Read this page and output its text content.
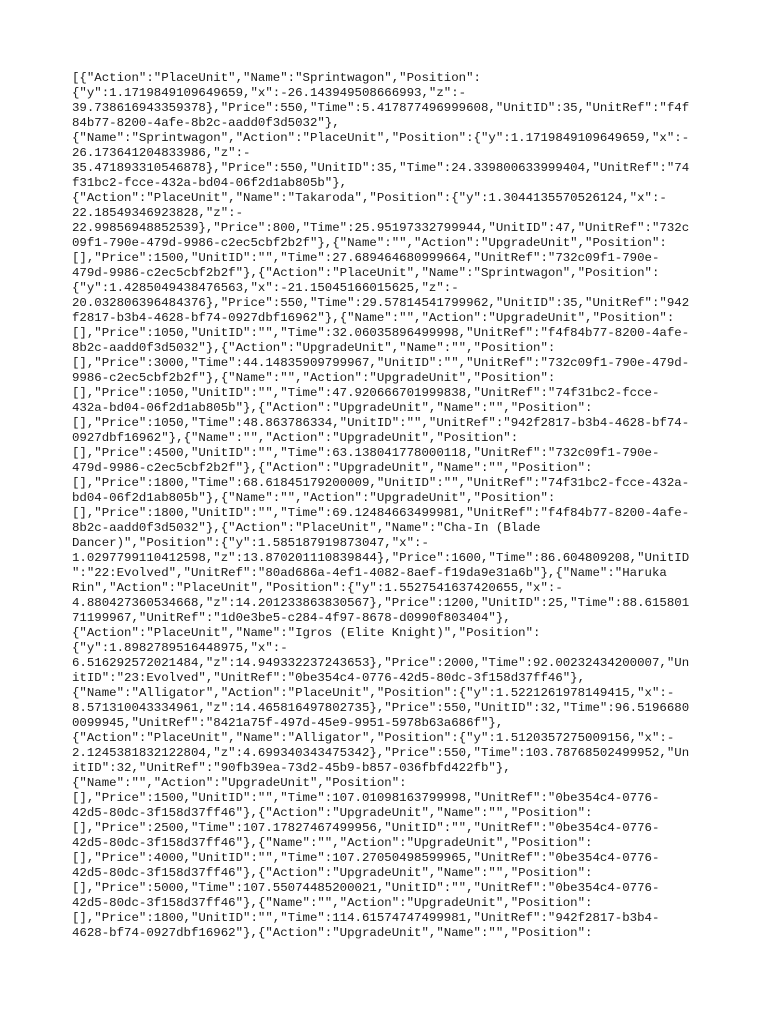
[{"Action":"PlaceUnit","Name":"Sprintwagon","Position":
{"y":1.1719849109649659,"x":-26.143949508666993,"z":-
39.738616943359378},"Price":550,"Time":5.417877496999608,"UnitID":35,"UnitRef":"f4f
84b77-8200-4afe-8b2c-aadd0f3d5032"},
{"Name":"Sprintwagon","Action":"PlaceUnit","Position":{"y":1.1719849109649659,"x":-
26.173641204833986,"z":-
35.471893310546878},"Price":550,"UnitID":35,"Time":24.339800633999404,"UnitRef":"74
f31bc2-fcce-432a-bd04-06f2d1ab805b"},
{"Action":"PlaceUnit","Name":"Takaroda","Position":{"y":1.3044135570526124,"x":-
22.18549346923828,"z":-
22.99856948852539},"Price":800,"Time":25.95197332799944,"UnitID":47,"UnitRef":"732c
09f1-790e-479d-9986-c2ec5cbf2b2f"},{"Name":"","Action":"UpgradeUnit","Position":
[],"Price":1500,"UnitID":"","Time":27.689464680999664,"UnitRef":"732c09f1-790e-
479d-9986-c2ec5cbf2b2f"},{"Action":"PlaceUnit","Name":"Sprintwagon","Position":
{"y":1.4285049438476563,"x":-21.15045166015625,"z":-
20.032806396484376},"Price":550,"Time":29.57814541799962,"UnitID":35,"UnitRef":"942
f2817-b3b4-4628-bf74-0927dbf16962"},{"Name":"","Action":"UpgradeUnit","Position":
[],"Price":1050,"UnitID":"","Time":32.06035896499998,"UnitRef":"f4f84b77-8200-4afe-
8b2c-aadd0f3d5032"},{"Action":"UpgradeUnit","Name":"","Position":
[],"Price":3000,"Time":44.14835909799967,"UnitID":"","UnitRef":"732c09f1-790e-479d-
9986-c2ec5cbf2b2f"},{"Name":"","Action":"UpgradeUnit","Position":
[],"Price":1050,"UnitID":"","Time":47.920666701999838,"UnitRef":"74f31bc2-fcce-
432a-bd04-06f2d1ab805b"},{"Action":"UpgradeUnit","Name":"","Position":
[],"Price":1050,"Time":48.863786334,"UnitID":"","UnitRef":"942f2817-b3b4-4628-bf74-
0927dbf16962"},{"Name":"","Action":"UpgradeUnit","Position":
[],"Price":4500,"UnitID":"","Time":63.138041778000118,"UnitRef":"732c09f1-790e-
479d-9986-c2ec5cbf2b2f"},{"Action":"UpgradeUnit","Name":"","Position":
[],"Price":1800,"Time":68.61845179200009,"UnitID":"","UnitRef":"74f31bc2-fcce-432a-
bd04-06f2d1ab805b"},{"Name":"","Action":"UpgradeUnit","Position":
[],"Price":1800,"UnitID":"","Time":69.12484663499981,"UnitRef":"f4f84b77-8200-4afe-
8b2c-aadd0f3d5032"},{"Action":"PlaceUnit","Name":"Cha-In (Blade
Dancer)","Position":{"y":1.585187919873047,"x":-
1.0297799110412598,"z":13.870201110839844},"Price":1600,"Time":86.604809208,"UnitID
":"22:Evolved","UnitRef":"80ad686a-4ef1-4082-8aef-f19da9e31a6b"},{"Name":"Haruka
Rin","Action":"PlaceUnit","Position":{"y":1.5527541637420655,"x":-
4.880427360534668,"z":14.201233863830567},"Price":1200,"UnitID":25,"Time":88.615801
71199967,"UnitRef":"1d0e3be5-c284-4f97-8678-d0990f803404"},
{"Action":"PlaceUnit","Name":"Igros (Elite Knight)","Position":
{"y":1.8982789516448975,"x":-
6.516292572021484,"z":14.949332237243653},"Price":2000,"Time":92.00232434200007,"Un
itID":"23:Evolved","UnitRef":"0be354c4-0776-42d5-80dc-3f158d37ff46"},
{"Name":"Alligator","Action":"PlaceUnit","Position":{"y":1.5221261978149415,"x":-
8.571310043334961,"z":14.465816497802735},"Price":550,"UnitID":32,"Time":96.5196680
0099945,"UnitRef":"8421a75f-497d-45e9-9951-5978b63a686f"},
{"Action":"PlaceUnit","Name":"Alligator","Position":{"y":1.5120357275009156,"x":-
2.1245381832122804,"z":4.699340343475342},"Price":550,"Time":103.78768502499952,"Un
itID":32,"UnitRef":"90fb39ea-73d2-45b9-b857-036fbfd422fb"},
{"Name":"","Action":"UpgradeUnit","Position":
[],"Price":1500,"UnitID":"","Time":107.01098163799998,"UnitRef":"0be354c4-0776-
42d5-80dc-3f158d37ff46"},{"Action":"UpgradeUnit","Name":"","Position":
[],"Price":2500,"Time":107.17827467499956,"UnitID":"","UnitRef":"0be354c4-0776-
42d5-80dc-3f158d37ff46"},{"Name":"","Action":"UpgradeUnit","Position":
[],"Price":4000,"UnitID":"","Time":107.27050498599965,"UnitRef":"0be354c4-0776-
42d5-80dc-3f158d37ff46"},{"Action":"UpgradeUnit","Name":"","Position":
[],"Price":5000,"Time":107.55074485200021,"UnitID":"","UnitRef":"0be354c4-0776-
42d5-80dc-3f158d37ff46"},{"Name":"","Action":"UpgradeUnit","Position":
[],"Price":1800,"UnitID":"","Time":114.61574747499981,"UnitRef":"942f2817-b3b4-
4628-bf74-0927dbf16962"},{"Action":"UpgradeUnit","Name":"","Position":
